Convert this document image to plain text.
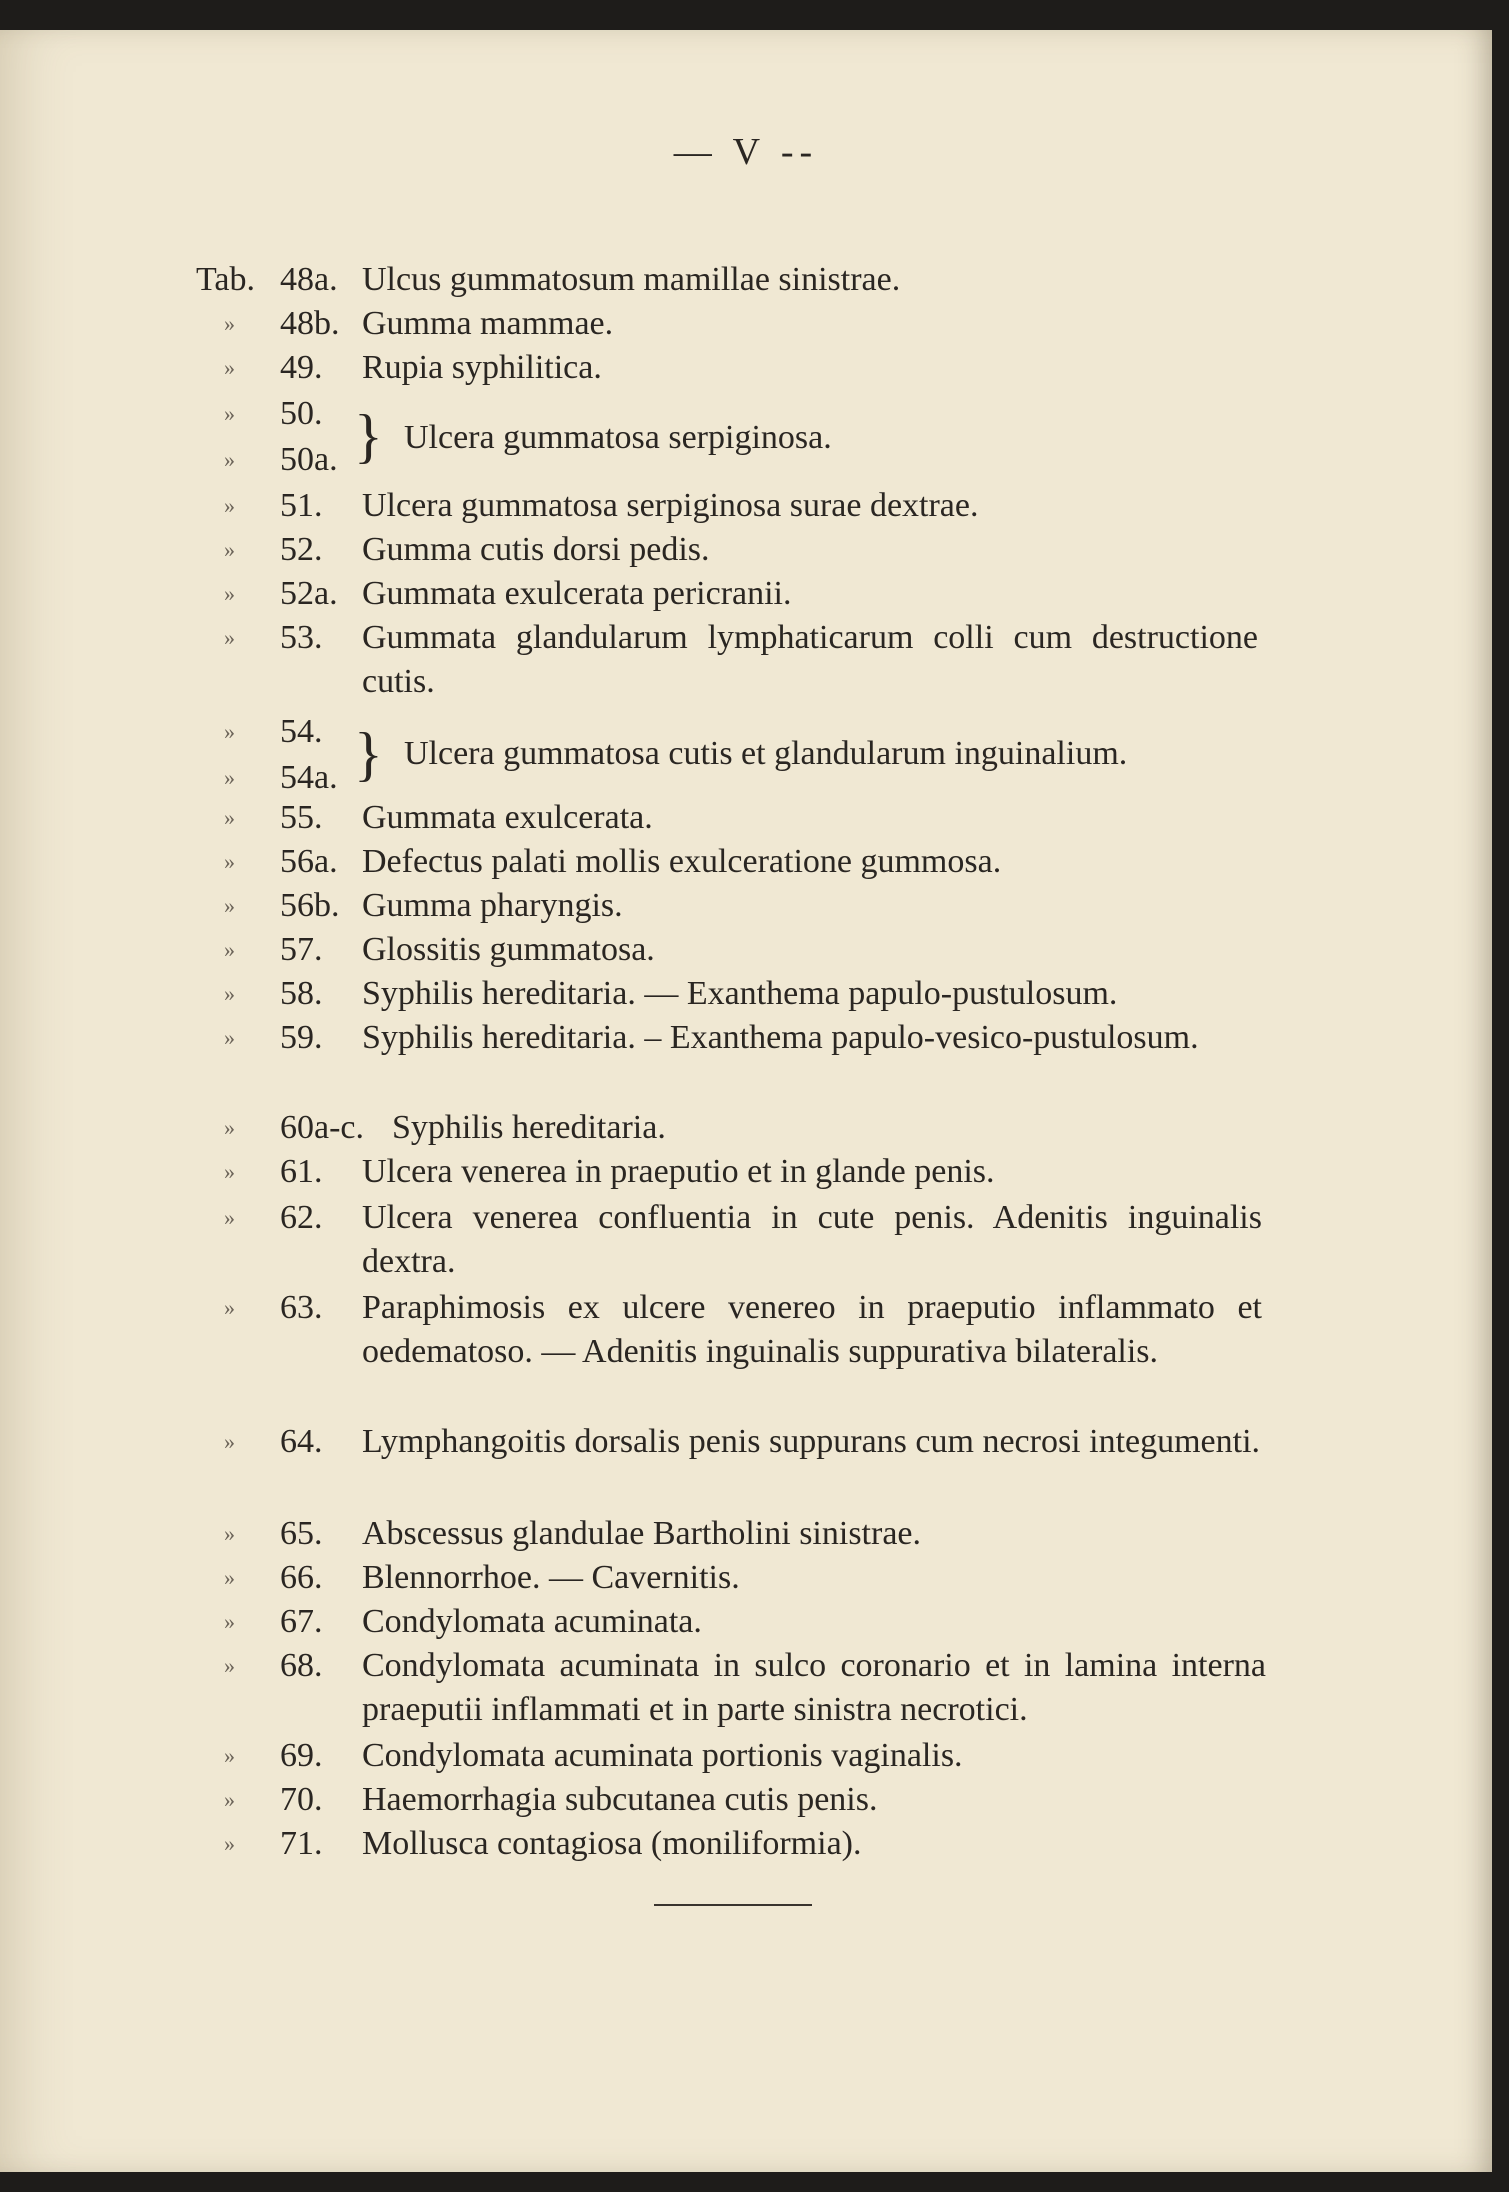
— V --
Tab. 48a. Ulcus gummatosum mamillae sinistrae.
» 48b. Gumma mammae.
» 49. Rupia syphilitica.
» 50.
» 50a. } Ulcera gummatosa serpiginosa.
» 51. Ulcera gummatosa serpiginosa surae dextrae.
» 52. Gumma cutis dorsi pedis.
» 52a. Gummata exulcerata pericranii.
» 53. Gummata glandularum lymphaticarum colli cum destructione cutis.
» 54.
» 54a. } Ulcera gummatosa cutis et glandularum inguinalium.
» 55. Gummata exulcerata.
» 56a. Defectus palati mollis exulceratione gummosa.
» 56b. Gumma pharyngis.
» 57. Glossitis gummatosa.
» 58. Syphilis hereditaria. — Exanthema papulo-pustulosum.
» 59. Syphilis hereditaria. – Exanthema papulo-vesico-pustulosum.
» 60a-c. Syphilis hereditaria.
» 61. Ulcera venerea in praeputio et in glande penis.
» 62. Ulcera venerea confluentia in cute penis. Adenitis inguinalis dextra.
» 63. Paraphimosis ex ulcere venereo in praeputio inflammato et oedematoso. — Adenitis inguinalis suppurativa bilateralis.
» 64. Lymphangoitis dorsalis penis suppurans cum necrosi integumenti.
» 65. Abscessus glandulae Bartholini sinistrae.
» 66. Blennorrhoe. — Cavernitis.
» 67. Condylomata acuminata.
» 68. Condylomata acuminata in sulco coronario et in lamina interna praeputii inflammati et in parte sinistra necrotici.
» 69. Condylomata acuminata portionis vaginalis.
» 70. Haemorrhagia subcutanea cutis penis.
» 71. Mollusca contagiosa (moniliformia).
